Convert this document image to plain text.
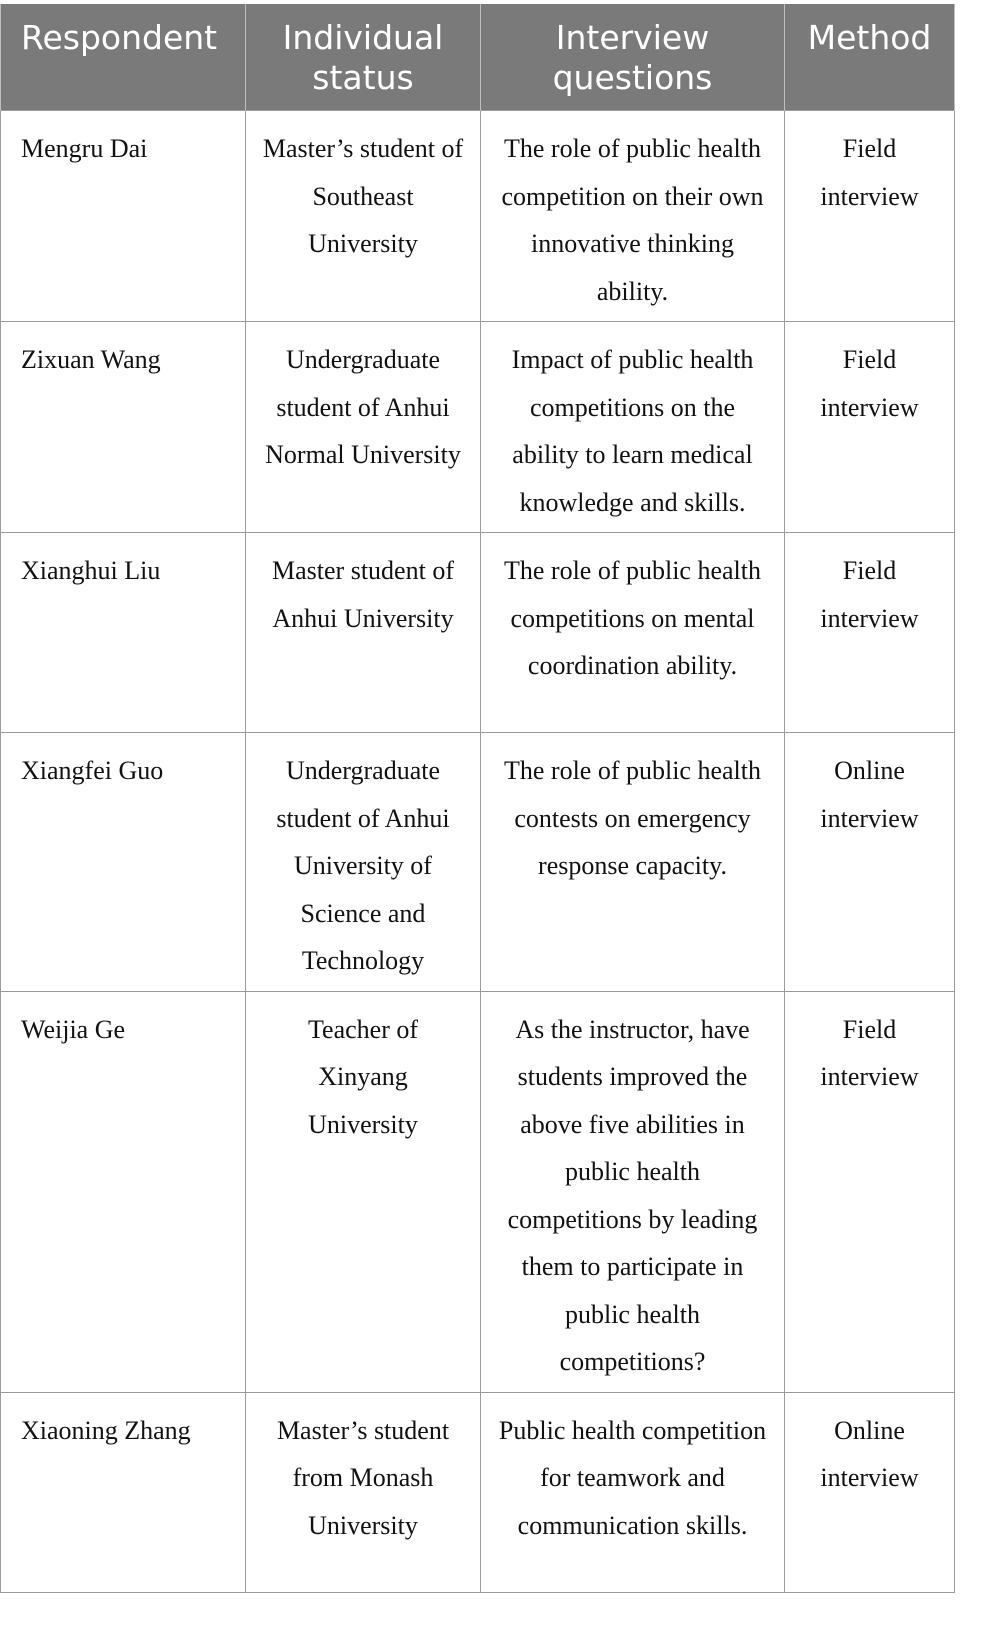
Respondent	Individual status	Interview questions	Method
Mengru Dai	Master’s student of Southeast University	The role of public health competition on their own innovative thinking ability.	Field interview
Zixuan Wang	Undergraduate student of Anhui Normal University	Impact of public health competitions on the ability to learn medical knowledge and skills.	Field interview
Xianghui Liu	Master student of Anhui University	The role of public health competitions on mental coordination ability.	Field interview
Xiangfei Guo	Undergraduate student of Anhui University of Science and Technology	The role of public health contests on emergency response capacity.	Online interview
Weijia Ge	Teacher of Xinyang University	As the instructor, have students improved the above five abilities in public health competitions by leading them to participate in public health competitions?	Field interview
Xiaoning Zhang	Master’s student from Monash University	Public health competition for teamwork and communication skills.	Online interview
